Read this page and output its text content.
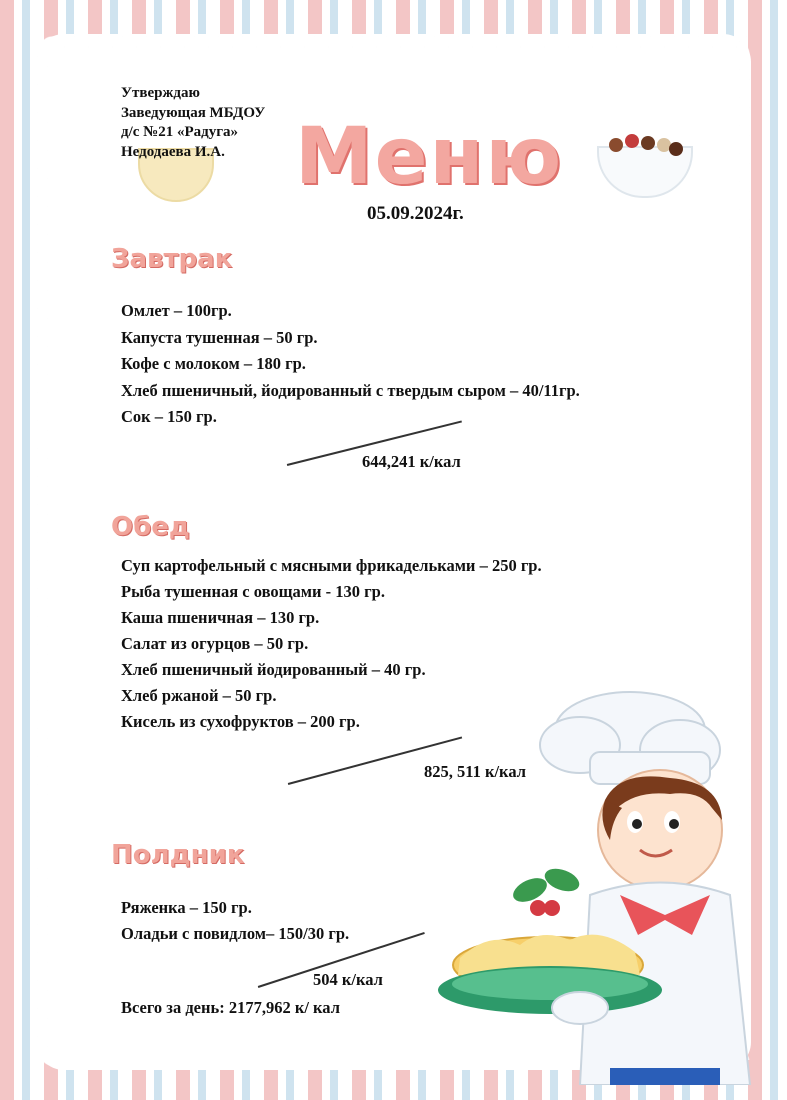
Утверждаю
Заведующая МБДОУ
д/с №21 «Радуга»
Недодаева И.А. Меню
05.09.2024г.
Завтрак
Омлет – 100гр.
Капуста тушенная – 50 гр.
Кофе с молоком – 180 гр.
Хлеб пшеничный, йодированный с твердым сыром – 40/11гр.
Сок – 150 гр.
644,241 к/кал
Обед
Суп картофельный с мясными фрикадельками – 250 гр.
Рыба тушенная с овощами - 130 гр.
Каша пшеничная – 130 гр.
Салат из огурцов – 50 гр.
Хлеб пшеничный йодированный – 40 гр.
Хлеб ржаной – 50 гр.
Кисель из сухофруктов – 200 гр.
825, 511 к/кал
Полдник
Ряженка – 150 гр.
Оладьи с повидлом– 150/30 гр.
504 к/кал
Всего за день: 2177,962 к/ кал
